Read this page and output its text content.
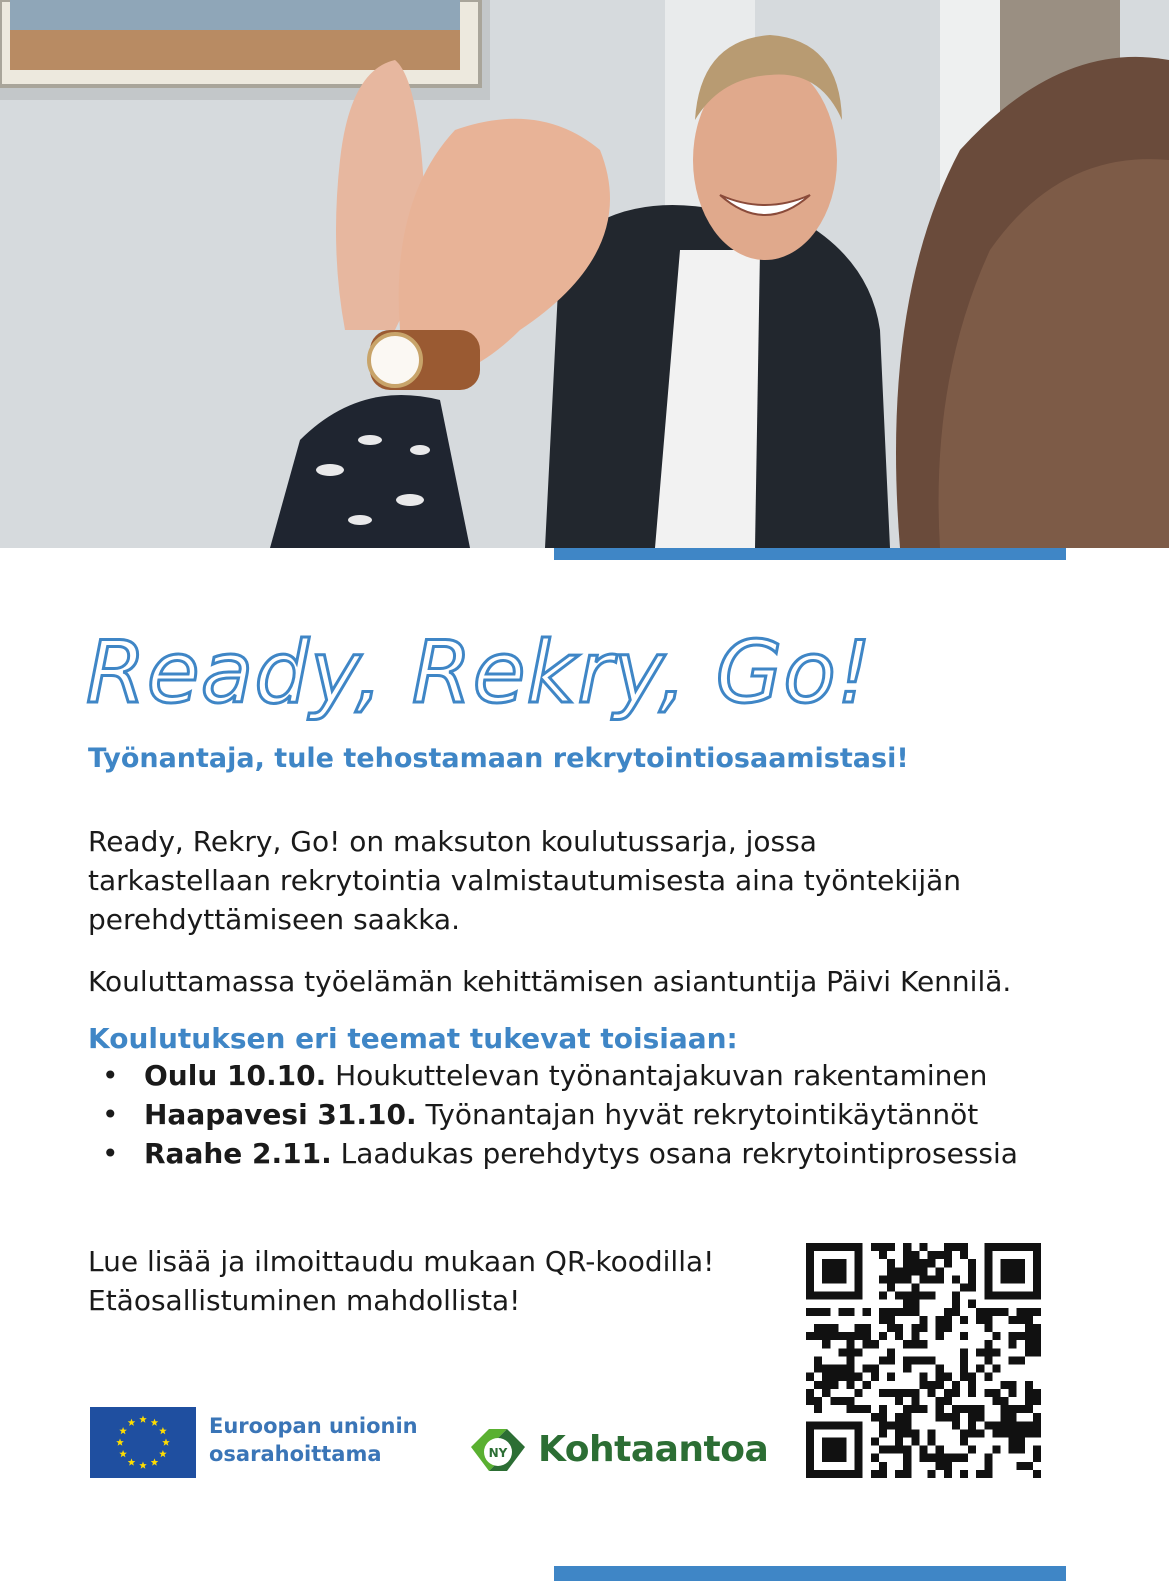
Ready, Rekry, Go!

Työnantaja, tule tehostamaan rekrytointiosaamistasi!

Ready, Rekry, Go! on maksuton koulutussarja, jossa
tarkastellaan rekrytointia valmistautumisesta aina työntekijän
perehdyttämiseen saakka.

Kouluttamassa työelämän kehittämisen asiantuntija Päivi Kennilä.

Koulutuksen eri teemat tukevat toisiaan:

• Oulu 10.10. Houkuttelevan työnantajakuvan rakentaminen
• Haapavesi 31.10. Työnantajan hyvät rekrytointikäytännöt
• Raahe 2.11. Laadukas perehdytys osana rekrytointiprosessia

Lue lisää ja ilmoittaudu mukaan QR-koodilla!
Etäosallistuminen mahdollista!

Euroopan unionin
osarahoittama	NY Kohtaantoa
